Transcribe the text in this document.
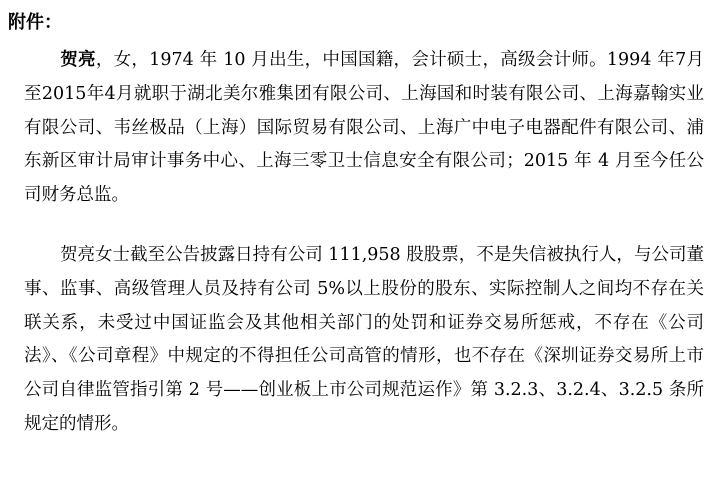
附件：

贺亮，女，1974 年 10 月出生，中国国籍，会计硕士，高级会计师。1994 年7月至2015年4月就职于湖北美尔雅集团有限公司、上海国和时装有限公司、上海嘉翰实业有限公司、韦丝极品（上海）国际贸易有限公司、上海广中电子电器配件有限公司、浦东新区审计局审计事务中心、上海三零卫士信息安全有限公司；2015 年 4 月至今任公司财务总监。

贺亮女士截至公告披露日持有公司 111,958 股股票，不是失信被执行人，与公司董事、监事、高级管理人员及持有公司 5%以上股份的股东、实际控制人之间均不存在关联关系，未受过中国证监会及其他相关部门的处罚和证券交易所惩戒，不存在《公司法》、《公司章程》中规定的不得担任公司高管的情形，也不存在《深圳证券交易所上市公司自律监管指引第 2 号——创业板上市公司规范运作》第 3.2.3、3.2.4、3.2.5 条所规定的情形。
